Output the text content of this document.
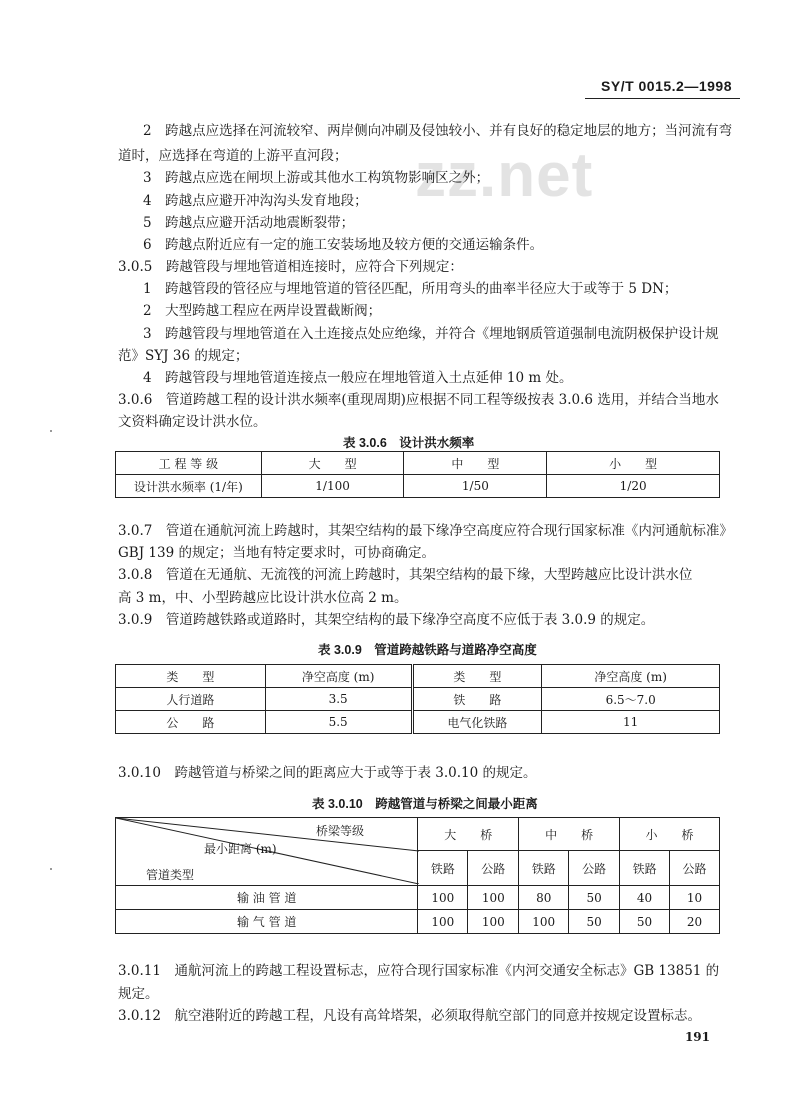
zz.net
SY/T 0015.2—1998
2　跨越点应选择在河流较窄、两岸侧向冲刷及侵蚀较小、并有良好的稳定地层的地方；当河流有弯
道时，应选择在弯道的上游平直河段；
3　跨越点应选在闸坝上游或其他水工构筑物影响区之外；
4　跨越点应避开冲沟沟头发育地段；
5　跨越点应避开活动地震断裂带；
6　跨越点附近应有一定的施工安装场地及较方便的交通运输条件。
3.0.5　跨越管段与埋地管道相连接时，应符合下列规定：
1　跨越管段的管径应与埋地管道的管径匹配，所用弯头的曲率半径应大于或等于 5 DN；
2　大型跨越工程应在两岸设置截断阀；
3　跨越管段与埋地管道在入土连接点处应绝缘，并符合《埋地钢质管道强制电流阴极保护设计规
范》SYJ 36 的规定；
4　跨越管段与埋地管道连接点一般应在埋地管道入土点延伸 10 m 处。
3.0.6　管道跨越工程的设计洪水频率(重现周期)应根据不同工程等级按表 3.0.6 选用，并结合当地水
文资料确定设计洪水位。
表 3.0.6　设计洪水频率
工 程 等 级	大　　型	中　　型	小　　型
设计洪水频率 (1/年)	1/100	1/50	1/20
3.0.7　管道在通航河流上跨越时，其架空结构的最下缘净空高度应符合现行国家标准《内河通航标准》
GBJ 139 的规定；当地有特定要求时，可协商确定。
3.0.8　管道在无通航、无流筏的河流上跨越时，其架空结构的最下缘，大型跨越应比设计洪水位
高 3 m，中、小型跨越应比设计洪水位高 2 m。
3.0.9　管道跨越铁路或道路时，其架空结构的最下缘净空高度不应低于表 3.0.9 的规定。
表 3.0.9　管道跨越铁路与道路净空高度
类　　型	净空高度 (m)	类　　型	净空高度 (m)
人行道路	3.5	铁　　路	6.5～7.0
公　　路	5.5	电气化铁路	11
3.0.10　跨越管道与桥梁之间的距离应大于或等于表 3.0.10 的规定。
表 3.0.10　跨越管道与桥梁之间最小距离
桥梁等级
最小距离 (m)
管道类型	大　　桥		中　　桥		小　　桥	
	铁路	公路	铁路	公路	铁路	公路
输 油 管 道	100	100	80	50	40	10
输 气 管 道	100	100	100	50	50	20
3.0.11　通航河流上的跨越工程设置标志，应符合现行国家标准《内河交通安全标志》GB 13851 的
规定。
3.0.12　航空港附近的跨越工程，凡设有高耸塔架，必须取得航空部门的同意并按规定设置标志。
191
